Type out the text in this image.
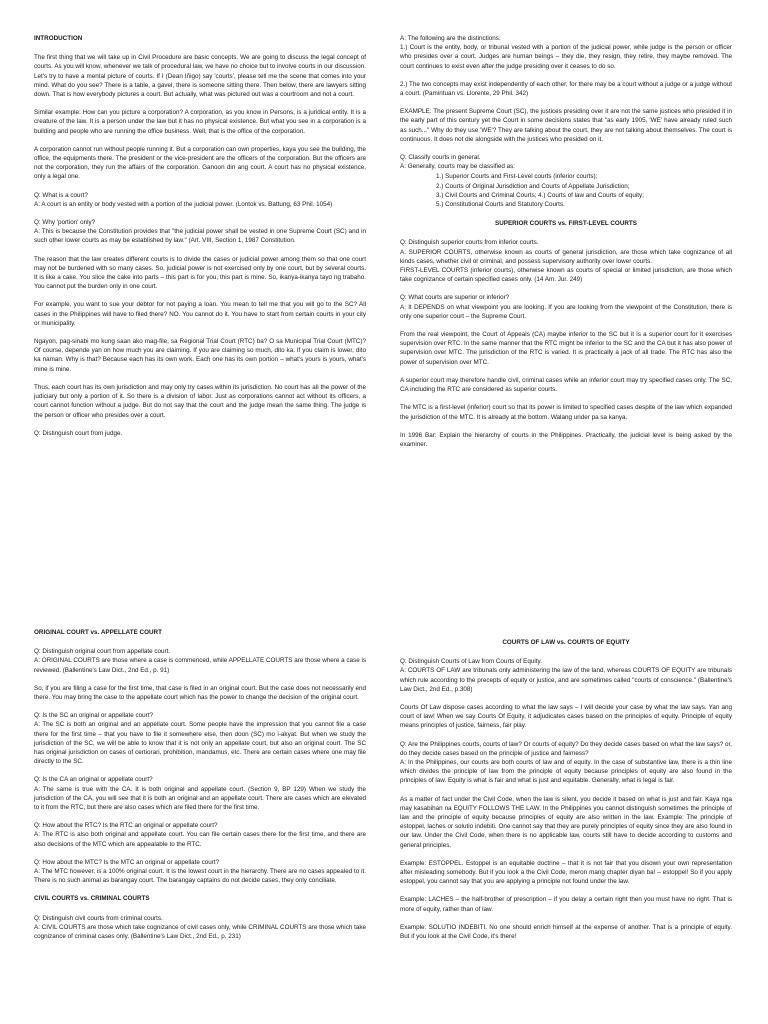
INTRODUCTION

The first thing that we will take up in Civil Procedure are basic concepts. We are going to discuss the legal concept of courts. As you will know, whenever we talk of procedural law, we have no choice but to involve courts in our discussion. Let's try to have a mental picture of courts. If I (Dean Iñigo) say 'courts', please tell me the scene that comes into your mind. What do you see? There is a table, a gavel, there is someone sitting there. Then below, there are lawyers sitting down. That is how everybody pictures a court. But actually, what was pictured out was a courtroom and not a court.

Similar example: How can you picture a corporation? A corporation, as you know in Persons, is a juridical entity. It is a creature of the law. It is a person under the law but it has no physical existence. But what you see in a corporation is a building and people who are running the office business. Well, that is the office of the corporation.

A corporation cannot run without people running it. But a corporation can own properties, kaya you see the building, the office, the equipments there. The president or the vice-president are the officers of the corporation. But the officers are not the corporation, they run the affairs of the corporation. Ganoon din ang court. A court has no physical existence, only a legal one.

Q: What is a court?
A: A court is an entity or body vested with a portion of the judicial power. (Lontok vs. Battung, 63 Phil. 1054)

Q: Why 'portion' only?
A: This is because the Constitution provides that "the judicial power shall be vested in one Supreme Court (SC) and in such other lower courts as may be established by law." (Art. VIII, Section 1, 1987 Constitution.

The reason that the law creates different courts is to divide the cases or judicial power among them so that one court may not be burdened with so many cases. So, judicial power is not exercised only by one court, but by several courts. It is like a cake. You slice the cake into parts – this part is for you, this part is mine. So, ikanya-ikanya tayo ng trabaho. You cannot put the burden only in one court.

For example, you want to sue your debtor for not paying a loan. You mean to tell me that you will go to the SC? All cases in the Philippines will have to filed there? NO. You cannot do it. You have to start from certain courts in your city or municipality.

Ngayon, pag-sinabi mo kung saan ako mag-file, sa Regional Trial Court (RTC) ba? O sa Municipal Trial Court (MTC)? Of course, depende yan on how much you are claiming. If you are claiming so much, dito ka. If you claim is lower, dito ka naman. Why is that? Because each has its own work. Each one has its own portion – what's yours is yours, what's mine is mine.

Thus, each court has its own jurisdiction and may only try cases within its jurisdiction. No court has all the power of the judiciary but only a portion of it. So there is a division of labor. Just as corporations cannot act without its officers, a court cannot function without a judge. But do not say that the court and the judge mean the same thing. The judge is the person or officer who presides over a court.

Q: Distinguish court from judge.

A: The following are the distinctions:
1.) Court is the entity, body, or tribunal vested with a portion of the judicial power, while judge is the person or officer who presides over a court. Judges are human beings – they die, they resign, they retire, they maybe removed. The court continues to exist even after the judge presiding over it ceases to do so.

2.) The two concepts may exist independently of each other, for there may be a court without a judge or a judge without a court. (Pamintuan vs. Llorente, 29 Phil. 342)

EXAMPLE: The present Supreme Court (SC), the justices presiding over it are not the same justices who presided it in the early part of this century yet the Court in some decisions states that "as early 1905, 'WE' have already ruled such as such..." Why do they use 'WE'? They are talking about the court, they are not talking about themselves. The court is continuous. It does not die alongside with the justices who presided on it.

Q: Classify courts in general.
A: Generally, courts may be classified as:

1.) Superior Courts and First-Level courts (inferior courts);
2.) Courts of Original Jurisdiction and Courts of Appellate Jurisdiction;
3.) Civil Courts and Criminal Courts; 4.) Courts of law and Courts of equity;
5.) Constitutional Courts and Statutory Courts.
SUPERIOR COURTS vs. FIRST-LEVEL COURTS

Q: Distinguish superior courts from inferior courts.
A: SUPERIOR COURTS, otherwise known as courts of general jurisdiction, are those which take cognizance of all kinds cases, whether civil or criminal, and possess supervisory authority over lower courts.
FIRST-LEVEL COURTS (inferior courts), otherwise known as courts of special or limited jurisdiction, are those which take cognizance of certain specified cases only. (14 Am. Jur. 249)

Q: What courts are superior or inferior?
A: It DEPENDS on what viewpoint you are looking. If you are looking from the viewpoint of the Constitution, there is only one superior court – the Supreme Court.

From the real viewpoint, the Court of Appeals (CA) maybe inferior to the SC but it is a superior court for it exercises supervision over RTC. In the same manner that the RTC might be inferior to the SC and the CA but it has also power of supervision over MTC. The jurisdiction of the RTC is varied. It is practically a jack of all trade. The RTC has also the power of supervision over MTC.

A superior court may therefore handle civil, criminal cases while an inferior court may try specified cases only. The SC, CA including the RTC are considered as superior courts.

The MTC is a first-level (inferior) court so that its power is limited to specified cases despite of the law which expanded the jurisdiction of the MTC. It is already at the bottom. Walang under pa sa kanya.

In 1996 Bar: Explain the hierarchy of courts in the Philippines. Practically, the judicial level is being asked by the examiner.

ORIGINAL COURT vs. APPELLATE COURT

Q: Distinguish original court from appellate court.
A: ORIGINAL COURTS are those where a case is commenced, while APPELLATE COURTS are those where a case is reviewed. (Ballentine's Law Dict., 2nd Ed., p. 91)

So, if you are filing a case for the first time, that case is filed in an original court. But the case does not necessarily end there. You may bring the case to the appellate court which has the power to change the decision of the original court.

Q: Is the SC an original or appellate court?
A: The SC is both an original and an appellate court. Some people have the impression that you cannot file a case there for the first time – that you have to file it somewhere else, then doon (SC) mo i-akyat. But when we study the jurisdiction of the SC, we will be able to know that it is not only an appellate court, but also an original court. The SC has original jurisdiction on cases of certiorari, prohibition, mandamus, etc. There are certain cases where one may file directly to the SC.

Q: Is the CA an original or appellate court?
A: The same is true with the CA. It is both original and appellate court. (Section 9, BP 129) When we study the jurisdiction of the CA, you will see that it is both an original and an appellate court. There are cases which are elevated to it from the RTC, but there are also cases which are filed there for the first time.

Q: How about the RTC? Is the RTC an original or appellate court?
A: The RTC is also both original and appellate court. You can file certain cases there for the first time, and there are also decisions of the MTC which are appealable to the RTC.

Q: How about the MTC? Is the MTC an original or appellate court?
A: The MTC however, is a 100% original court. It is the lowest court in the hierarchy. There are no cases appealed to it. There is no such animal as barangay court. The barangay captains do not decide cases, they only conciliate.

CIVIL COURTS vs. CRIMINAL COURTS

Q: Distinguish civil courts from criminal courts.
A: CIVIL COURTS are those which take cognizance of civil cases only, while CRIMINAL COURTS are those which take cognizance of criminal cases only. (Ballentine's Law Dict., 2nd Ed., p. 231)

COURTS OF LAW vs. COURTS OF EQUITY

Q: Distinguish Courts of Law from Courts of Equity.
A: COURTS OF LAW are tribunals only administering the law of the land, whereas COURTS OF EQUITY are tribunals which rule according to the precepts of equity or justice, and are sometimes called "courts of conscience." (Ballentine's Law Dict., 2nd Ed., p.308)

Courts Of Law dispose cases according to what the law says – I will decide your case by what the law says. Yan ang court of law! When we say Courts Of Equity, it adjudicates cases based on the principles of equity. Principle of equity means principles of justice, fairness, fair play.

Q: Are the Philippines courts, courts of law? Or courts of equity? Do they decide cases based on what the law says? or, do they decide cases based on the principle of justice and fairness?
A: In the Philippines, our courts are both courts of law and of equity. In the case of substantive law, there is a thin line which divides the principle of law from the principle of equity because principles of equity are also found in the principles of law. Equity is what is fair and what is just and equitable. Generally, what is legal is fair.

As a matter of fact under the Civil Code, when the law is silent, you decide it based on what is just and fair. Kaya nga may kasabihan na EQUITY FOLLOWS THE LAW. In the Philippines you cannot distinguish sometimes the principle of law and the principle of equity because principles of equity are also written in the law. Example: The principle of estoppel, laches or solutio indebiti. One cannot say that they are purely principles of equity since they are also found in our law. Under the Civil Code, when there is no applicable law, courts still have to decide according to customs and general principles.

Example: ESTOPPEL. Estoppel is an equitable doctrine – that it is not fair that you disown your own representation after misleading somebody. But if you look a the Civil Code, meron mang chapter diyan ba! – estoppel! So if you apply estoppel, you cannot say that you are applying a principle not found under the law.

Example: LACHES – the half-brother of prescription – if you delay a certain right then you must have no right. That is more of equity, rather than of law.

Example: SOLUTIO INDEBITI. No one should enrich himself at the expense of another. That is a principle of equity. But if you look at the Civil Code, it's there!
